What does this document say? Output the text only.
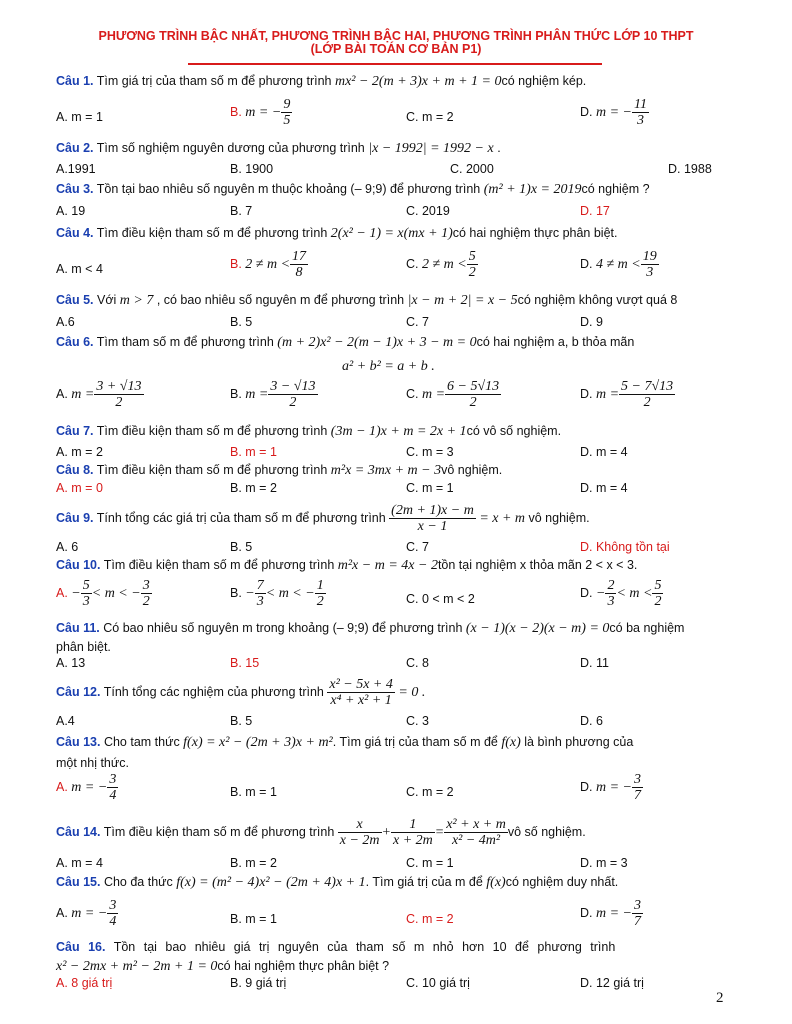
PHƯƠNG TRÌNH BẬC NHẤT, PHƯƠNG TRÌNH BẬC HAI, PHƯƠNG TRÌNH PHÂN THỨC LỚP 10 THPT
(LỚP BÀI TOÁN CƠ BẢN P1)
Câu 1. Tìm giá trị của tham số m để phương trình mx² − 2(m + 3)x + m + 1 = 0có nghiệm kép.
A. m = 1	B. m = − $\frac{9}{5}$	C. m = 2	D. m = − $\frac{11}{3}$
Câu 2. Tìm số nghiệm nguyên dương của phương trình |x − 1992| = 1992 − x .
A.1991	B. 1900	C. 2000	D. 1988
Câu 3. Tồn tại bao nhiêu số nguyên m thuộc khoảng (– 9;9) để phương trình (m² + 1)x = 2019có nghiệm ?
A. 19	B. 7	C. 2019	D. 17
Câu 4. Tìm điều kiện tham số m để phương trình 2(x² − 1) = x(mx + 1)có hai nghiệm thực phân biệt.
A. m < 4	B. $2 \ne m < \frac{17}{8}$	C. $2 \ne m < \frac{5}{2}$	D. $4 \ne m < \frac{19}{3}$
Câu 5. Với m > 7 , có bao nhiêu số nguyên m để phương trình |x − m + 2| = x − 5có nghiệm không vượt quá 8
A.6	B. 5	C. 7	D. 9
Câu 6. Tìm tham số m để phương trình (m + 2)x² − 2(m − 1)x + 3 − m = 0có hai nghiệm a, b thỏa mãn
a² + b² = a + b .
A. $m = \frac{3 + √13}{2}$	B. $m = \frac{3 - √13}{2}$	C. $m = \frac{6 - 5√13}{2}$	D. $m = \frac{5 - 7√13}{2}$
Câu 7. Tìm điều kiện tham số m để phương trình (3m − 1)x + m = 2x + 1có vô số nghiệm.
A. m = 2	B. m = 1	C. m = 3	D. m = 4
Câu 8. Tìm điều kiện tham số m để phương trình m²x = 3mx + m − 3vô nghiệm.
A. m = 0	B. m = 2	C. m = 1	D. m = 4
Câu 9. Tính tổng các giá trị của tham số m để phương trình $\frac{(2m + 1)x - m}{x - 1} = x + m$ vô nghiệm.
A. 6	B. 5	C. 7	D. Không tồn tại
Câu 10. Tìm điều kiện tham số m để phương trình m²x − m = 4x − 2tồn tại nghiệm x thỏa mãn 2 < x < 3.
A. − $\frac{5}{3} < m$ < − $\frac{3}{2}$	B. − $\frac{7}{3} < m$ < − $\frac{1}{2}$	C. 0 < m < 2	D. − $\frac{2}{3} < m < \frac{5}{2}$
Câu 11. Có bao nhiêu số nguyên m trong khoảng (– 9;9) để phương trình (x − 1)(x − 2)(x − m) = 0có ba nghiệm
phân biệt.
A. 13	B. 15	C. 8	D. 11
Câu 12. Tính tổng các nghiệm của phương trình $\frac{\text{x² − 5x + 4}}{\text{x⁴ + x² + 1}} = 0$ .
A.4	B. 5	C. 3	D. 6
Câu 13. Cho tam thức f(x) = x² − (2m + 3)x + m². Tìm giá trị của tham số m để f(x) là bình phương của
một nhị thức.
A. m = − $\frac{3}{4}$	B. m = 1	C. m = 2	D. m = − $\frac{3}{7}$
Câu 14. Tìm điều kiện tham số m để phương trình $\frac{x}{x - 2m} + \frac{1}{x + 2m} = \frac{\text{x² + x + m}}{\text{x² − 4m²}}$ vô số nghiệm.
A. m = 4	B. m = 2	C. m = 1	D. m = 3
Câu 15. Cho đa thức f(x) = (m² − 4)x² − (2m + 4)x + 1. Tìm giá trị của m để f(x)có nghiệm duy nhất.
A. m = − $\frac{3}{4}$	B. m = 1	C. m = 2	D. m = − $\frac{3}{7}$
Câu 16. Tồn tại bao nhiêu giá trị nguyên của tham số m nhỏ hơn 10 để phương trình
x² − 2mx + m² − 2m + 1 = 0có hai nghiệm thực phân biệt ?
A. 8 giá trị	B. 9 giá trị	C. 10 giá trị	D. 12 giá trị
2
